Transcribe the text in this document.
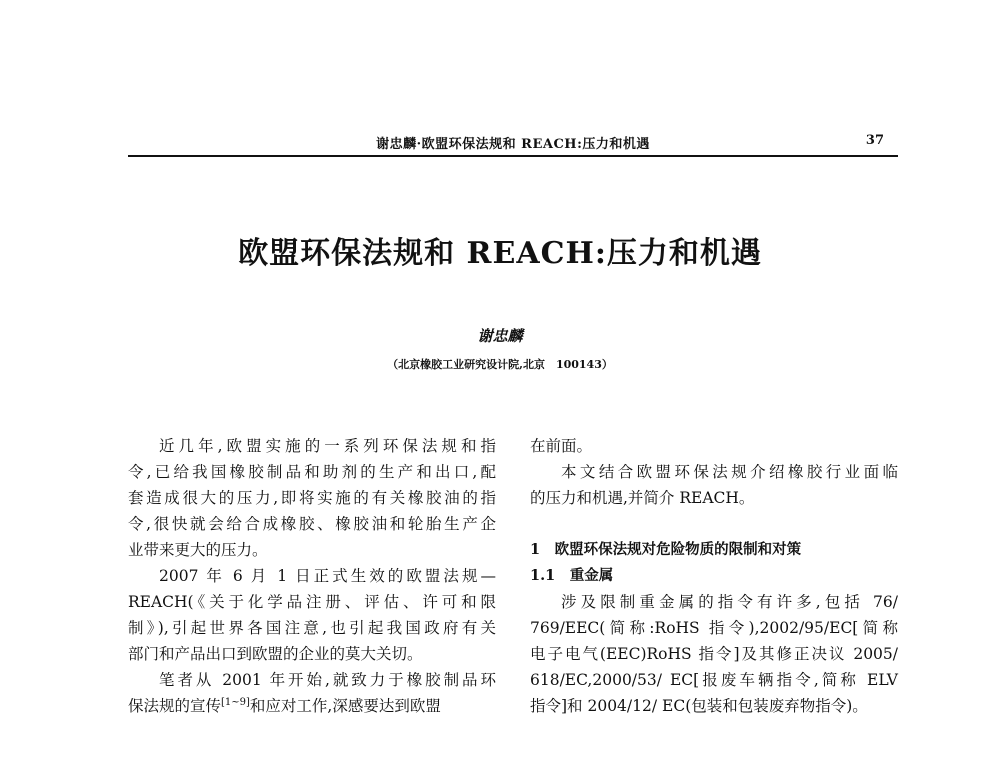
谢忠麟·欧盟环保法规和 REACH:压力和机遇	37
欧盟环保法规和 REACH:压力和机遇
谢忠麟
（北京橡胶工业研究设计院,北京　100143）
近几年,欧盟实施的一系列环保法规和指
令,已给我国橡胶制品和助剂的生产和出口,配
套造成很大的压力,即将实施的有关橡胶油的指
令,很快就会给合成橡胶、橡胶油和轮胎生产企
业带来更大的压力。
2007 年 6 月 1 日正式生效的欧盟法规—
REACH(《关于化学品注册、评估、许可和限
制》),引起世界各国注意,也引起我国政府有关
部门和产品出口到欧盟的企业的莫大关切。
笔者从 2001 年开始,就致力于橡胶制品环
保法规的宣传[1~9]和应对工作,深感要达到欧盟
在前面。
本文结合欧盟环保法规介绍橡胶行业面临
的压力和机遇,并简介 REACH。
1　欧盟环保法规对危险物质的限制和对策
1.1　重金属
涉及限制重金属的指令有许多,包括 76/
769/EEC(简称:RoHS 指令),2002/95/EC[简称
电子电气(EEC)RoHS 指令]及其修正决议 2005/
618/EC,2000/53/ EC[报废车辆指令,简称 ELV
指令]和 2004/12/ EC(包装和包装废弃物指令)。
